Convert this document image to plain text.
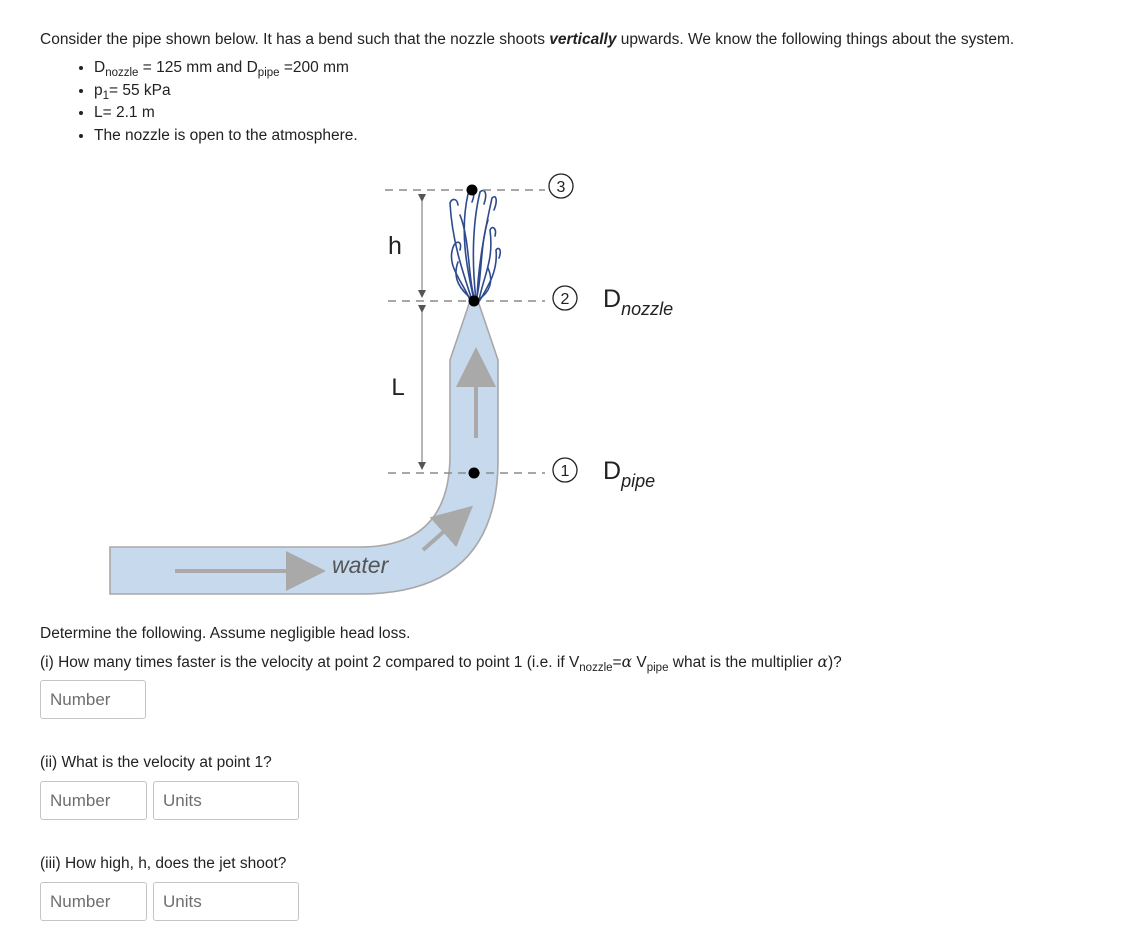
Consider the pipe shown below. It has a bend such that the nozzle shoots vertically upwards. We know the following things about the system.
• $D_{nozzle} = 125$ mm and $D_{pipe} =200$ mm
• $p_1= 55$ kPa
• L= 2.1 m
• The nozzle is open to the atmosphere.
3
2
1
h
L
Dnozzle
Dpipe
water
Determine the following. Assume negligible head loss.
(i) How many times faster is the velocity at point 2 compared to point 1 (i.e. if $V_{nozzle}=\alpha$ $V_{pipe}$ what is the multiplier α)?
Number
(ii) What is the velocity at point 1?
Number
Units
(iii) How high, h, does the jet shoot?
Number
Units
